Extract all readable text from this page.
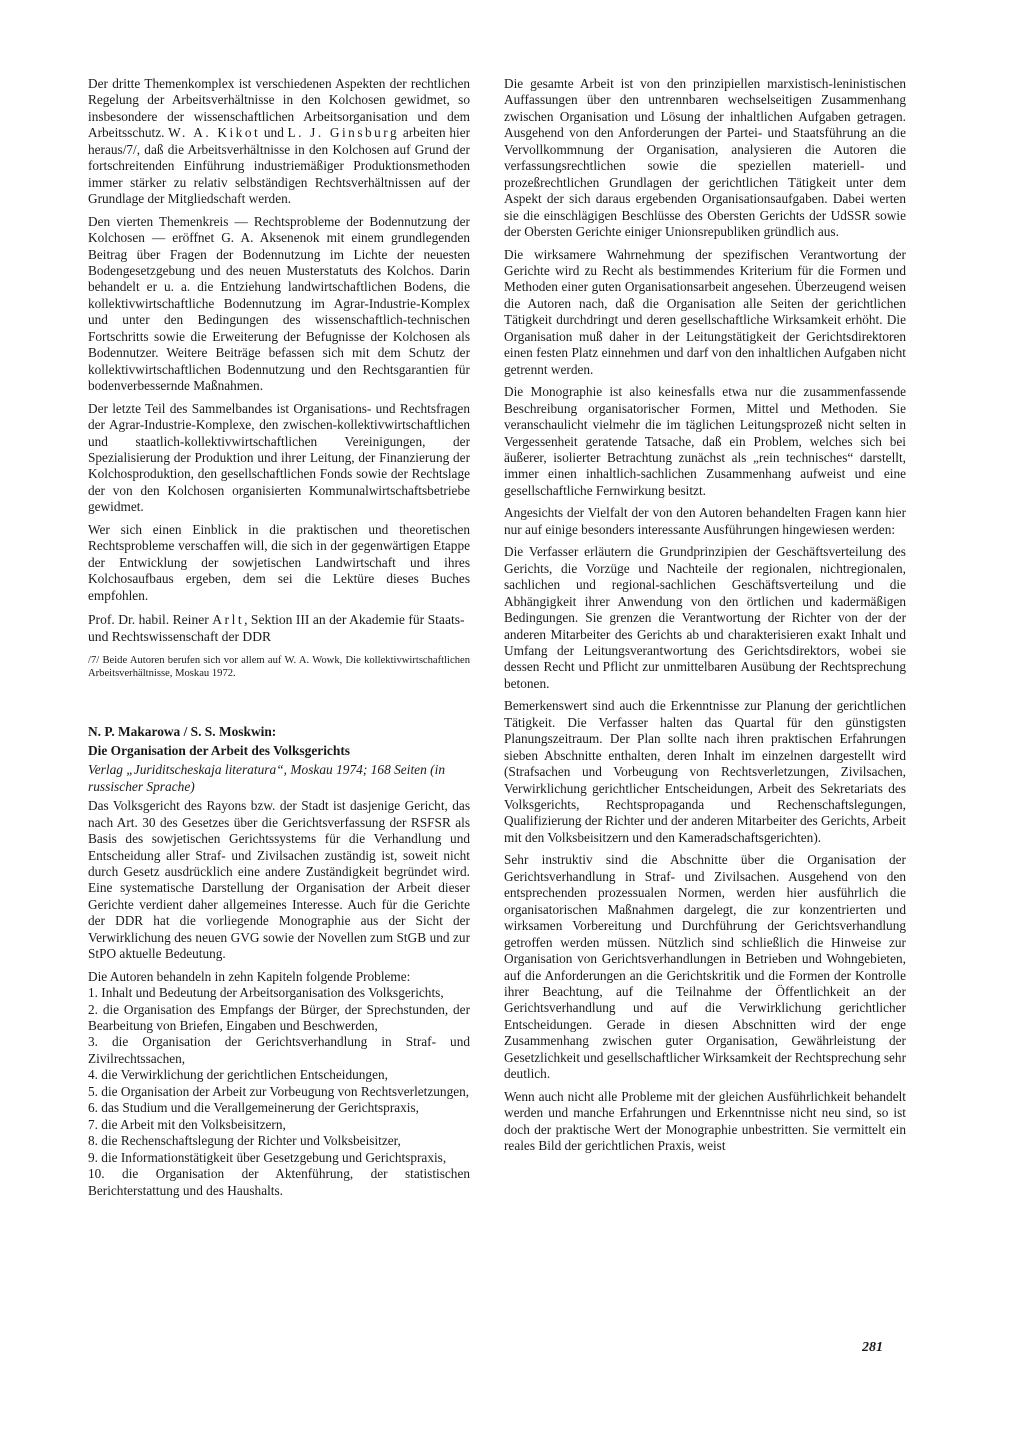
Der dritte Themenkomplex ist verschiedenen Aspekten der rechtlichen Regelung der Arbeitsverhältnisse in den Kolchosen gewidmet, so insbesondere der wissenschaftlichen Arbeitsorganisation und dem Arbeitsschutz. W. A. Kikot und L. J. Ginsburg arbeiten hier heraus/7/, daß die Arbeitsverhältnisse in den Kolchosen auf Grund der fortschreitenden Einführung industriemäßiger Produktionsmethoden immer stärker zu relativ selbständigen Rechtsverhältnissen auf der Grundlage der Mitgliedschaft werden.

Den vierten Themenkreis — Rechtsprobleme der Bodennutzung der Kolchosen — eröffnet G. A. Aksenenok mit einem grundlegenden Beitrag über Fragen der Bodennutzung im Lichte der neuesten Bodengesetzgebung und des neuen Musterstatuts des Kolchos. Darin behandelt er u. a. die Entziehung landwirtschaftlichen Bodens, die kollektivwirtschaftliche Bodennutzung im Agrar-Industrie-Komplex und unter den Bedingungen des wissenschaftlich-technischen Fortschritts sowie die Erweiterung der Befugnisse der Kolchosen als Bodennutzer. Weitere Beiträge befassen sich mit dem Schutz der kollektivwirtschaftlichen Bodennutzung und den Rechtsgarantien für bodenverbessernde Maßnahmen.

Der letzte Teil des Sammelbandes ist Organisations- und Rechtsfragen der Agrar-Industrie-Komplexe, den zwischen-kollektivwirtschaftlichen und staatlich-kollektivwirtschaftlichen Vereinigungen, der Spezialisierung der Produktion und ihrer Leitung, der Finanzierung der Kolchosproduktion, den gesellschaftlichen Fonds sowie der Rechtslage der von den Kolchosen organisierten Kommunalwirtschaftsbetriebe gewidmet.

Wer sich einen Einblick in die praktischen und theoretischen Rechtsprobleme verschaffen will, die sich in der gegenwärtigen Etappe der Entwicklung der sowjetischen Landwirtschaft und ihres Kolchosaufbaus ergeben, dem sei die Lektüre dieses Buches empfohlen.

Prof. Dr. habil. Reiner Arlt, Sektion III an der Akademie für Staats- und Rechtswissenschaft der DDR

/7/ Beide Autoren berufen sich vor allem auf W. A. Wowk, Die kollektivwirtschaftlichen Arbeitsverhältnisse, Moskau 1972.

N. P. Makarowa / S. S. Moskwin:

Die Organisation der Arbeit des Volksgerichts

Verlag „Juriditscheskaja literatura“, Moskau 1974; 168 Seiten (in russischer Sprache)

Das Volksgericht des Rayons bzw. der Stadt ist dasjenige Gericht, das nach Art. 30 des Gesetzes über die Gerichtsverfassung der RSFSR als Basis des sowjetischen Gerichtssystems für die Verhandlung und Entscheidung aller Straf- und Zivilsachen zuständig ist, soweit nicht durch Gesetz ausdrücklich eine andere Zuständigkeit begründet wird. Eine systematische Darstellung der Organisation der Arbeit dieser Gerichte verdient daher allgemeines Interesse. Auch für die Gerichte der DDR hat die vorliegende Monographie aus der Sicht der Verwirklichung des neuen GVG sowie der Novellen zum StGB und zur StPO aktuelle Bedeutung.

Die Autoren behandeln in zehn Kapiteln folgende Probleme:

1. Inhalt und Bedeutung der Arbeitsorganisation des Volksgerichts,

2. die Organisation des Empfangs der Bürger, der Sprechstunden, der Bearbeitung von Briefen, Eingaben und Beschwerden,

3. die Organisation der Gerichtsverhandlung in Straf- und Zivilrechtssachen,

4. die Verwirklichung der gerichtlichen Entscheidungen,

5. die Organisation der Arbeit zur Vorbeugung von Rechtsverletzungen,

6. das Studium und die Verallgemeinerung der Gerichtspraxis,

7. die Arbeit mit den Volksbeisitzern,

8. die Rechenschaftslegung der Richter und Volksbeisitzer,

9. die Informationstätigkeit über Gesetzgebung und Gerichtspraxis,

10. die Organisation der Aktenführung, der statistischen Berichterstattung und des Haushalts.

Die gesamte Arbeit ist von den prinzipiellen marxistisch-leninistischen Auffassungen über den untrennbaren wechselseitigen Zusammenhang zwischen Organisation und Lösung der inhaltlichen Aufgaben getragen. Ausgehend von den Anforderungen der Partei- und Staatsführung an die Vervollkommnung der Organisation, analysieren die Autoren die verfassungsrechtlichen sowie die speziellen materiell- und prozeßrechtlichen Grundlagen der gerichtlichen Tätigkeit unter dem Aspekt der sich daraus ergebenden Organisationsaufgaben. Dabei werten sie die einschlägigen Beschlüsse des Obersten Gerichts der UdSSR sowie der Obersten Gerichte einiger Unionsrepubliken gründlich aus.

Die wirksamere Wahrnehmung der spezifischen Verantwortung der Gerichte wird zu Recht als bestimmendes Kriterium für die Formen und Methoden einer guten Organisationsarbeit angesehen. Überzeugend weisen die Autoren nach, daß die Organisation alle Seiten der gerichtlichen Tätigkeit durchdringt und deren gesellschaftliche Wirksamkeit erhöht. Die Organisation muß daher in der Leitungstätigkeit der Gerichtsdirektoren einen festen Platz einnehmen und darf von den inhaltlichen Aufgaben nicht getrennt werden.

Die Monographie ist also keinesfalls etwa nur die zusammenfassende Beschreibung organisatorischer Formen, Mittel und Methoden. Sie veranschaulicht vielmehr die im täglichen Leitungsprozeß nicht selten in Vergessenheit geratende Tatsache, daß ein Problem, welches sich bei äußerer, isolierter Betrachtung zunächst als „rein technisches“ darstellt, immer einen inhaltlich-sachlichen Zusammenhang aufweist und eine gesellschaftliche Fernwirkung besitzt.

Angesichts der Vielfalt der von den Autoren behandelten Fragen kann hier nur auf einige besonders interessante Ausführungen hingewiesen werden:

Die Verfasser erläutern die Grundprinzipien der Geschäftsverteilung des Gerichts, die Vorzüge und Nachteile der regionalen, nichtregionalen, sachlichen und regional-sachlichen Geschäftsverteilung und die Abhängigkeit ihrer Anwendung von den örtlichen und kadermäßigen Bedingungen. Sie grenzen die Verantwortung der Richter von der der anderen Mitarbeiter des Gerichts ab und charakterisieren exakt Inhalt und Umfang der Leitungsverantwortung des Gerichtsdirektors, wobei sie dessen Recht und Pflicht zur unmittelbaren Ausübung der Rechtsprechung betonen.

Bemerkenswert sind auch die Erkenntnisse zur Planung der gerichtlichen Tätigkeit. Die Verfasser halten das Quartal für den günstigsten Planungszeitraum. Der Plan sollte nach ihren praktischen Erfahrungen sieben Abschnitte enthalten, deren Inhalt im einzelnen dargestellt wird (Strafsachen und Vorbeugung von Rechtsverletzungen, Zivilsachen, Verwirklichung gerichtlicher Entscheidungen, Arbeit des Sekretariats des Volksgerichts, Rechtspropaganda und Rechenschaftslegungen, Qualifizierung der Richter und der anderen Mitarbeiter des Gerichts, Arbeit mit den Volksbeisitzern und den Kameradschaftsgerichten).

Sehr instruktiv sind die Abschnitte über die Organisation der Gerichtsverhandlung in Straf- und Zivilsachen. Ausgehend von den entsprechenden prozessualen Normen, werden hier ausführlich die organisatorischen Maßnahmen dargelegt, die zur konzentrierten und wirksamen Vorbereitung und Durchführung der Gerichtsverhandlung getroffen werden müssen. Nützlich sind schließlich die Hinweise zur Organisation von Gerichtsverhandlungen in Betrieben und Wohngebieten, auf die Anforderungen an die Gerichtskritik und die Formen der Kontrolle ihrer Beachtung, auf die Teilnahme der Öffentlichkeit an der Gerichtsverhandlung und auf die Verwirklichung gerichtlicher Entscheidungen. Gerade in diesen Abschnitten wird der enge Zusammenhang zwischen guter Organisation, Gewährleistung der Gesetzlichkeit und gesellschaftlicher Wirksamkeit der Rechtsprechung sehr deutlich.

Wenn auch nicht alle Probleme mit der gleichen Ausführlichkeit behandelt werden und manche Erfahrungen und Erkenntnisse nicht neu sind, so ist doch der praktische Wert der Monographie unbestritten. Sie vermittelt ein reales Bild der gerichtlichen Praxis, weist

281
